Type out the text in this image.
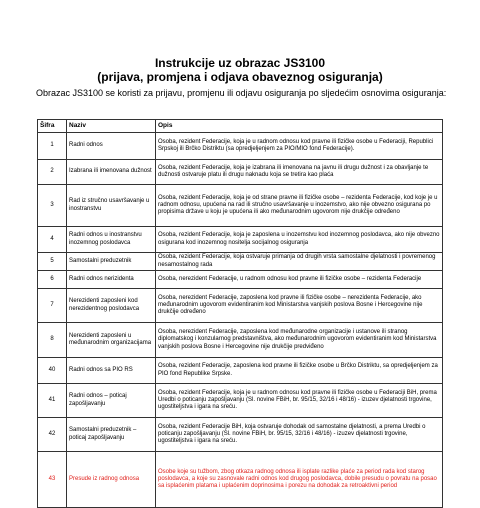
Instrukcije uz obrazac JS3100
(prijava, promjena i odjava obaveznog osiguranja)
Obrazac JS3100 se koristi za prijavu, promjenu ili odjavu osiguranja po sljedećim osnovima osiguranja:
Šifra	Naziv	Opis
1	Radni odnos	Osoba, rezident Federacije, koja je u radnom odnosu kod pravne ili fizičke osobe u Federaciji, Republici Srpskoj ili Brčko Distriktu (sa opredjeljenjem za PIO/MIO fond Federacije).
2	Izabrana ili imenovana dužnost	Osoba, rezident Federacije, koja je izabrana ili imenovana na javnu ili drugu dužnost i za obavljanje te dužnosti ostvaruje platu ili drugu naknadu koja se tretira kao plaća
3	Rad iz stručno usavršavanje u inostranstvu	Osoba, rezident Federacije, koja je od strane pravne ili fizičke osobe – rezidenta Federacije, kod koje je u radnom odnosu, upućena na rad ili stručno usavršavanje u inozemstvo, ako nije obvezno osigurana po propisima države u koju je upućena ili ako međunarodnim ugovorom nije drukčije određeno
4	Radni odnos u inostranstvu inozemnog poslodavca	Osoba, rezident Federacije, koja je zaposlena u inozemstvu kod inozemnog poslodavca, ako nije obvezno osigurana kod inozemnog nositelja socijalnog osiguranja
5	Samostalni preduzetnik	Osoba, rezident Federacije, koja ostvaruje primanja od drugih vrsta samostalne djelatnosti i povremenog nesamostalnog rada
6	Radni odnos nerizidenta	Osoba, nerezident Federacije, u radnom odnosu kod pravne ili fizičke osobe – rezidenta Federacije
7	Nerezidenti zaposleni kod nerezidentnog poslodavca	Osoba, nerezident Federacije, zaposlena kod pravne ili fizičke osobe – nerezidenta Federacije, ako međunarodnim ugovorom evidentiranim kod Ministarstva vanjskih poslova Bosne i Hercegovine nije drukčije određeno
8	Nerezidenti zaposleni u međunarodnim organizacijama	Osoba, nerezident Federacije, zaposlena kod međunarodne organizacije i ustanove ili stranog diplomatskog i konzularnog predstavništva, ako međunarodnim ugovorom evidentiranim kod Ministarstva vanjskih poslova Bosne i Hercegovine nije drukčije predviđeno
40	Radni odnos sa PIO RS	Osoba, rezident Federacije, zaposlena kod pravne ili fizičke osobe u Brčko Distriktu, sa opredjeljenjem za PIO fond Republike Srpske.
41	Radni odnos – poticaj zapošljavanju	Osoba, rezident Federacije, koja je u radnom odnosu kod pravne ili fizičke osobe u Federaciji BiH, prema Uredbi o poticanju zapošljavanju (Sl. novine FBiH, br. 95/15, 32/16 i 48/16) - izuzev djelatnosti trgovine, ugostiteljstva i igara na sreću.
42	Samostalni preduzetnik – poticaj zapošljavanju	Osoba, rezident Federacije BiH, koja ostvaruje dohodak od samostalne djelatnosti, a prema Uredbi o poticanju zapošljavanju (Sl. novine FBiH, br. 95/15, 32/16 i 48/16) - izuzev djelatnosti trgovine, ugostiteljstva i igara na sreću.
43	Presude iz radnog odnosa	Osobe koje su tužbom, zbog otkaza radnog odnosa ili isplate razlike plaće za period rada kod starog poslodavca, a koje su zasnovale radni odnos kod drugog poslodavca, dobile presudu o povratu na posao sa isplaćenim platama i uplaćenim doprinosima i porezu na dohodak za retroaktivni period
